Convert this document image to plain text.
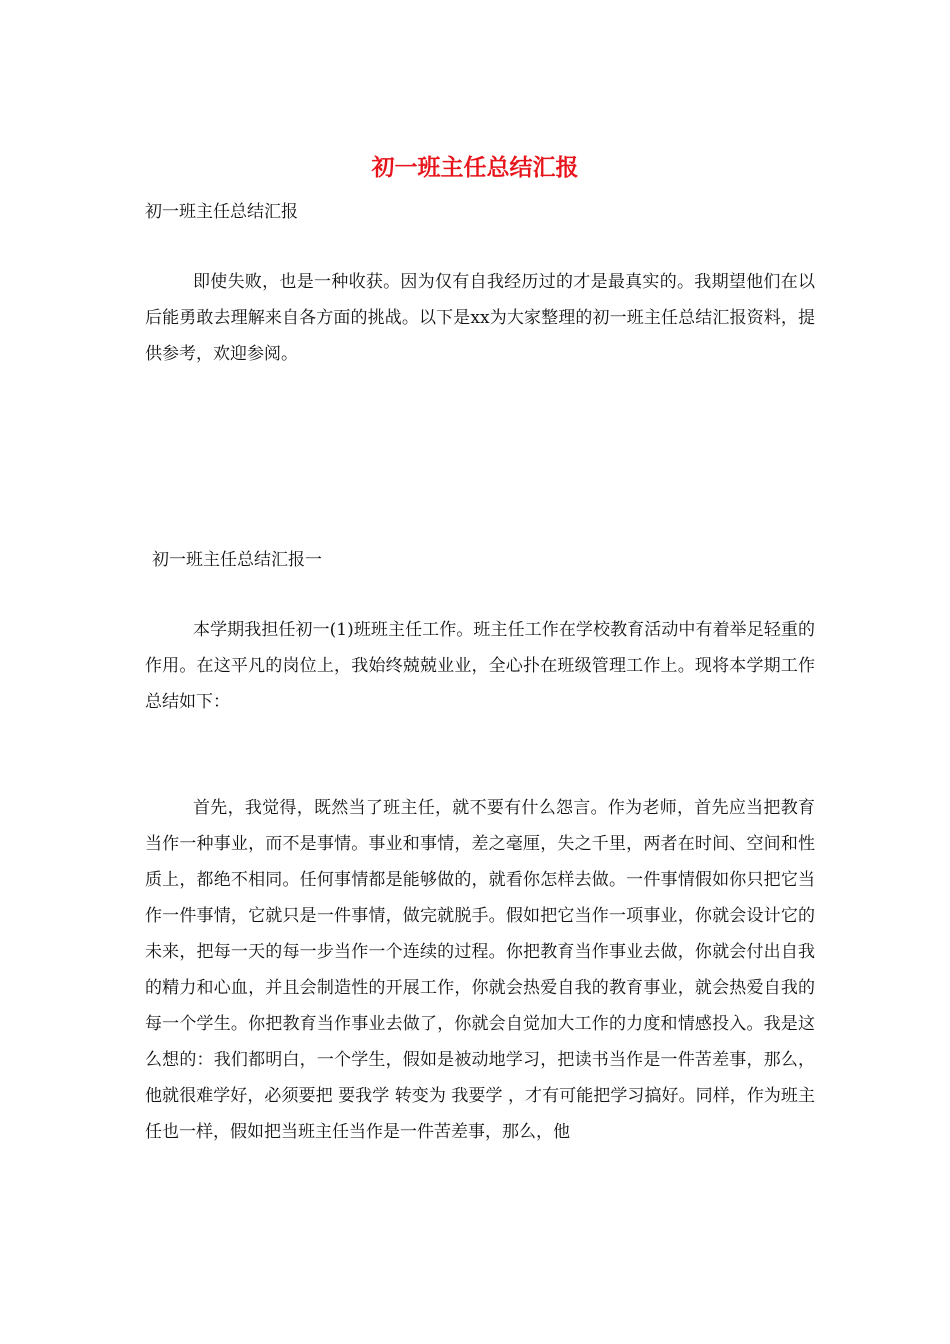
初一班主任总结汇报
初一班主任总结汇报

即使失败，也是一种收获。因为仅有自我经历过的才是最真实的。我期望他们在以后能勇敢去理解来自各方面的挑战。以下是xx为大家整理的初一班主任总结汇报资料，提供参考，欢迎参阅。

初一班主任总结汇报一

本学期我担任初一(1)班班主任工作。班主任工作在学校教育活动中有着举足轻重的作用。在这平凡的岗位上，我始终兢兢业业，全心扑在班级管理工作上。现将本学期工作总结如下：

首先，我觉得，既然当了班主任，就不要有什么怨言。作为老师，首先应当把教育当作一种事业，而不是事情。事业和事情，差之毫厘，失之千里，两者在时间、空间和性质上，都绝不相同。任何事情都是能够做的，就看你怎样去做。一件事情假如你只把它当作一件事情，它就只是一件事情，做完就脱手。假如把它当作一项事业，你就会设计它的未来，把每一天的每一步当作一个连续的过程。你把教育当作事业去做，你就会付出自我的精力和心血，并且会制造性的开展工作，你就会热爱自我的教育事业，就会热爱自我的每一个学生。你把教育当作事业去做了，你就会自觉加大工作的力度和情感投入。我是这么想的：我们都明白，一个学生，假如是被动地学习，把读书当作是一件苦差事，那么，他就很难学好，必须要把 要我学 转变为 我要学 ，才有可能把学习搞好。同样，作为班主任也一样，假如把当班主任当作是一件苦差事，那么，他
